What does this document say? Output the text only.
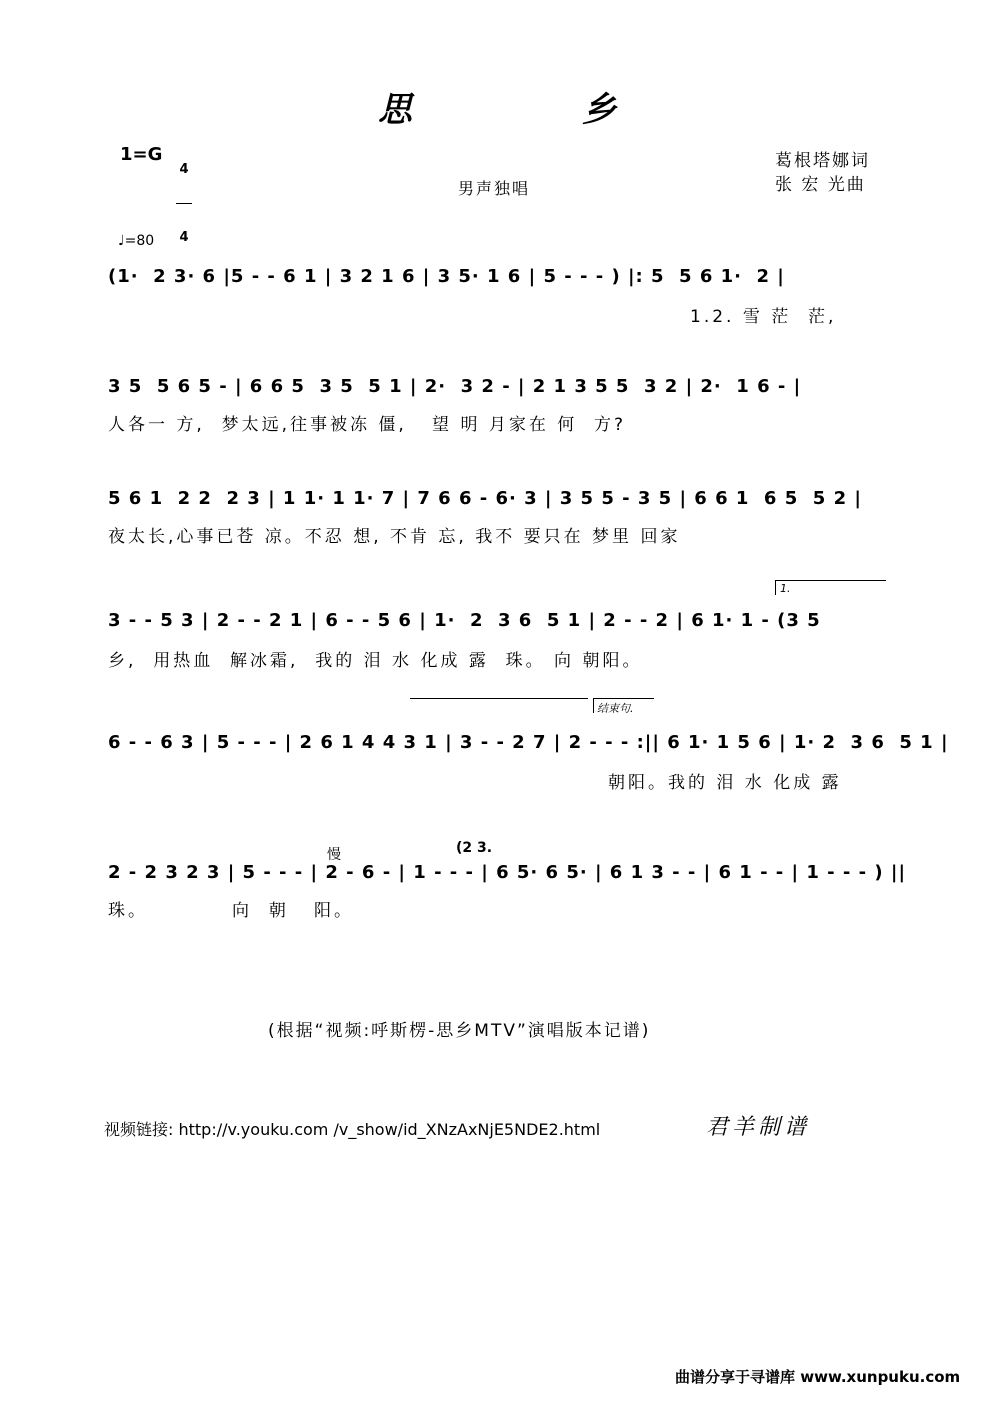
思	乡
1=G

4

4

葛根塔娜词
张 宏 光曲
男声独唱
♩=80
(1·  2 3· 6 |5 - - 6 1 | 3 2 1 6 | 3 5· 1 6 | 5 - - - ) |: 5  5 6 1·  2 |
1.2. 雪 茫  茫,
3 5  5 6 5 - | 6 6 5  3 5  5 1 | 2·  3 2 - | 2 1 3 5 5  3 2 | 2·  1 6 - |
人各一 方,  梦太远,往事被冻 僵,   望 明 月家在 何  方?
5 6 1  2 2  2 3 | 1 1· 1 1· 7 | 7 6 6 - 6· 3 | 3 5 5 - 3 5 | 6 6 1  6 5  5 2 |
夜太长,心事已苍 凉。不忍 想, 不肯 忘, 我不 要只在 梦里 回家
1.
3 - - 5 3 | 2 - - 2 1 | 6 - - 5 6 | 1·  2  3 6  5 1 | 2 - - 2 | 6 1· 1 - (3 5
乡,  用热血  解冰霜,  我的 泪 水 化成 露  珠。 向 朝阳。
结束句.
6 - - 6 3 | 5 - - - | 2 6 1 4 4 3 1 | 3 - - 2 7 | 2 - - - :|| 6 1· 1 5 6 | 1· 2  3 6  5 1 |
朝阳。我的 泪 水 化成 露
慢	(2 3.
2 - 2 3 2 3 | 5 - - - | 2 - 6 - | 1 - - - | 6 5· 6 5· | 6 1 3 - - | 6 1 - - | 1 - - - ) ||
珠。          向  朝   阳。
(根据“视频:呼斯楞-思乡MTV”演唱版本记谱)
视频链接: http://v.youku.com /v_show/id_XNzAxNjE5NDE2.html	君羊制谱
曲谱分享于寻谱库 www.xunpuku.com
